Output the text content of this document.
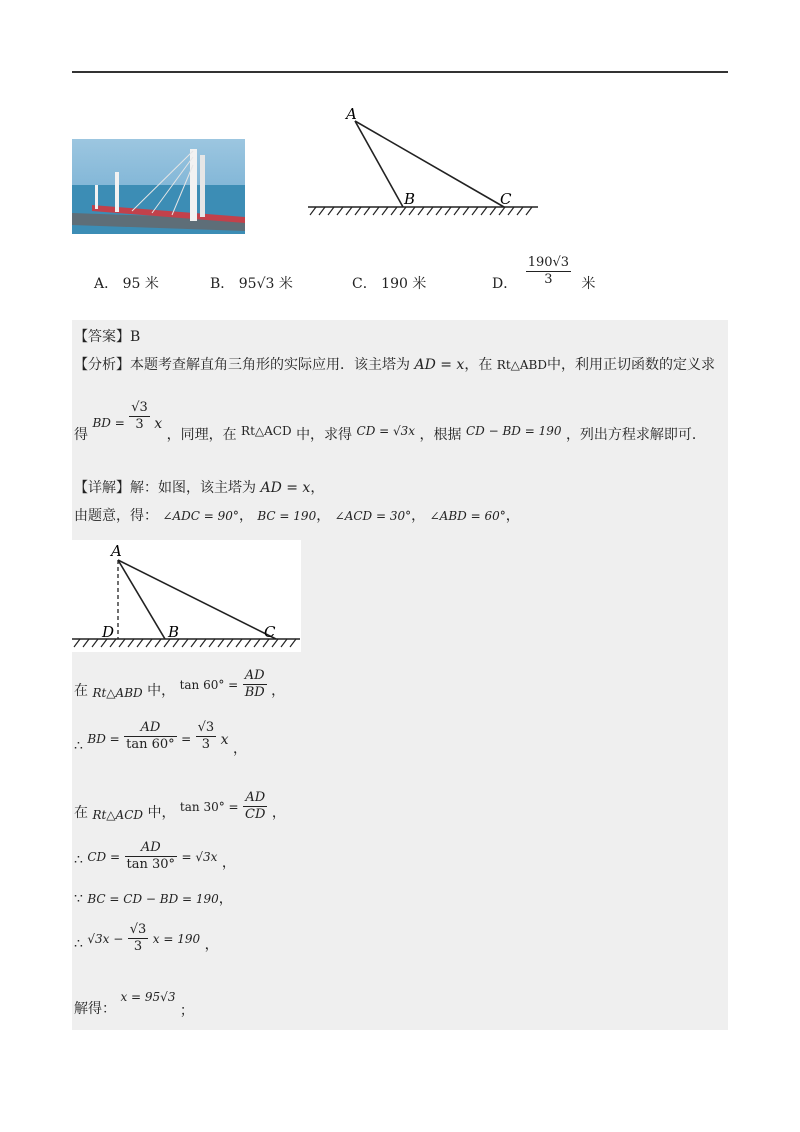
A
B	C
A． 95 米	B． 95√3 米	C． 190 米	D． $\frac{190√3}{3}$ 米
【答案】B
【分析】本题考查解直角三角形的实际应用．该主塔为 AD = x，在 Rt△ABD中，利用正切函数的定义求
得 BD = $\frac{√3}{3}$ x ，同理，在 Rt△ACD 中，求得 CD = √3x ，根据 CD − BD = 190 ，列出方程求解即可．
【详解】解：如图，该主塔为 AD = x，
由题意，得： ∠ADC = 90°， BC = 190， ∠ACD = 30°， ∠ABD = 60°，
A
D	B	C
在 Rt△ABD 中， $\tan 60^\circ = \frac{AD}{BD}$ ，
∴ BD = $\frac{AD}{\tan 60^\circ} = \frac{√3}{3}$ x ，
在 Rt△ACD 中， $\tan 30^\circ = \frac{AD}{CD}$ ，
∴ CD = $\frac{AD}{\tan 30^\circ} = √3x$ ，
∵ BC = CD − BD = 190，
∴ $√3x - \frac{√3}{3}$ x = 190 ，
解得： x = 95√3 ；
